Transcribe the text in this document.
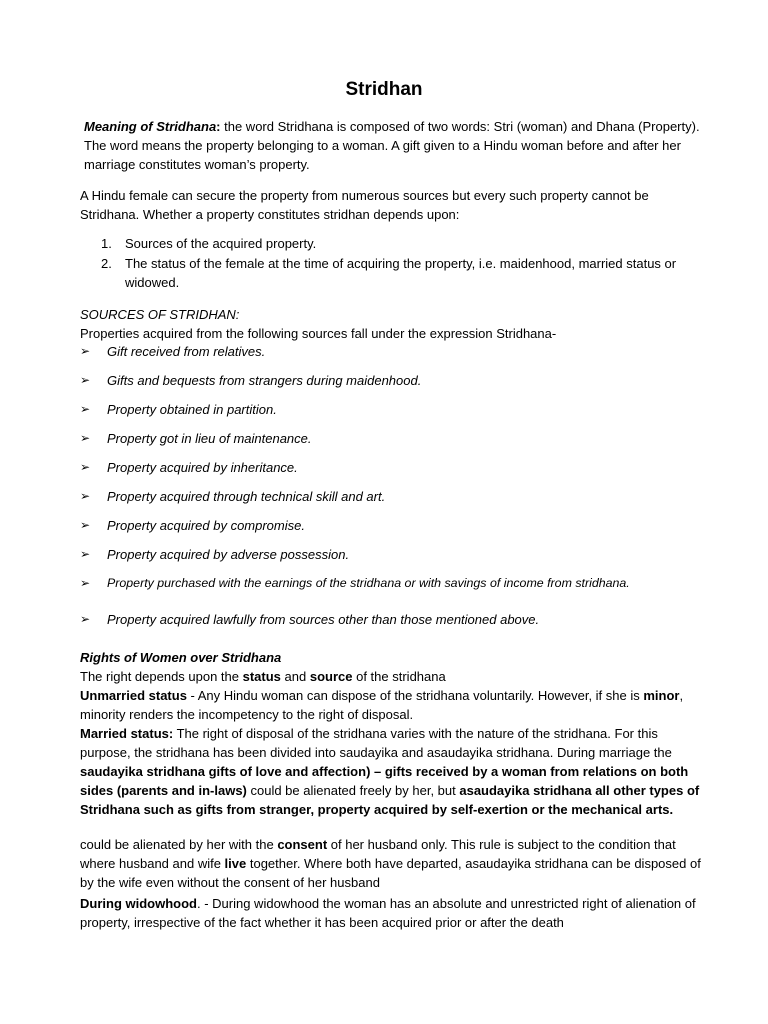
Stridhan

Meaning of Stridhana: the word Stridhana is composed of two words: Stri (woman) and Dhana (Property). The word means the property belonging to a woman. A gift given to a Hindu woman before and after her marriage constitutes woman’s property.

A Hindu female can secure the property from numerous sources but every such property cannot be Stridhana. Whether a property constitutes stridhan depends upon:

1. Sources of the acquired property.
2. The status of the female at the time of acquiring the property, i.e. maidenhood, married status or widowed.

SOURCES OF STRIDHAN:

Properties acquired from the following sources fall under the expression Stridhana-

➢ Gift received from relatives.
➢ Gifts and bequests from strangers during maidenhood.
➢ Property obtained in partition.
➢ Property got in lieu of maintenance.
➢ Property acquired by inheritance.
➢ Property acquired through technical skill and art.
➢ Property acquired by compromise.
➢ Property acquired by adverse possession.
➢ Property purchased with the earnings of the stridhana or with savings of income from stridhana.
➢ Property acquired lawfully from sources other than those mentioned above.

Rights of Women over Stridhana

The right depends upon the status and source of the stridhana

Unmarried status - Any Hindu woman can dispose of the stridhana voluntarily. However, if she is minor, minority renders the incompetency to the right of disposal.

Married status: The right of disposal of the stridhana varies with the nature of the stridhana. For this purpose, the stridhana has been divided into saudayika and asaudayika stridhana. During marriage the saudayika stridhana gifts of love and affection) – gifts received by a woman from relations on both sides (parents and in-laws) could be alienated freely by her, but asaudayika stridhana all other types of Stridhana such as gifts from stranger, property acquired by self-exertion or the mechanical arts.

could be alienated by her with the consent of her husband only. This rule is subject to the condition that where husband and wife live together. Where both have departed, asaudayika stridhana can be disposed of by the wife even without the consent of her husband

During widowhood. - During widowhood the woman has an absolute and unrestricted right of alienation of property, irrespective of the fact whether it has been acquired prior or after the death
